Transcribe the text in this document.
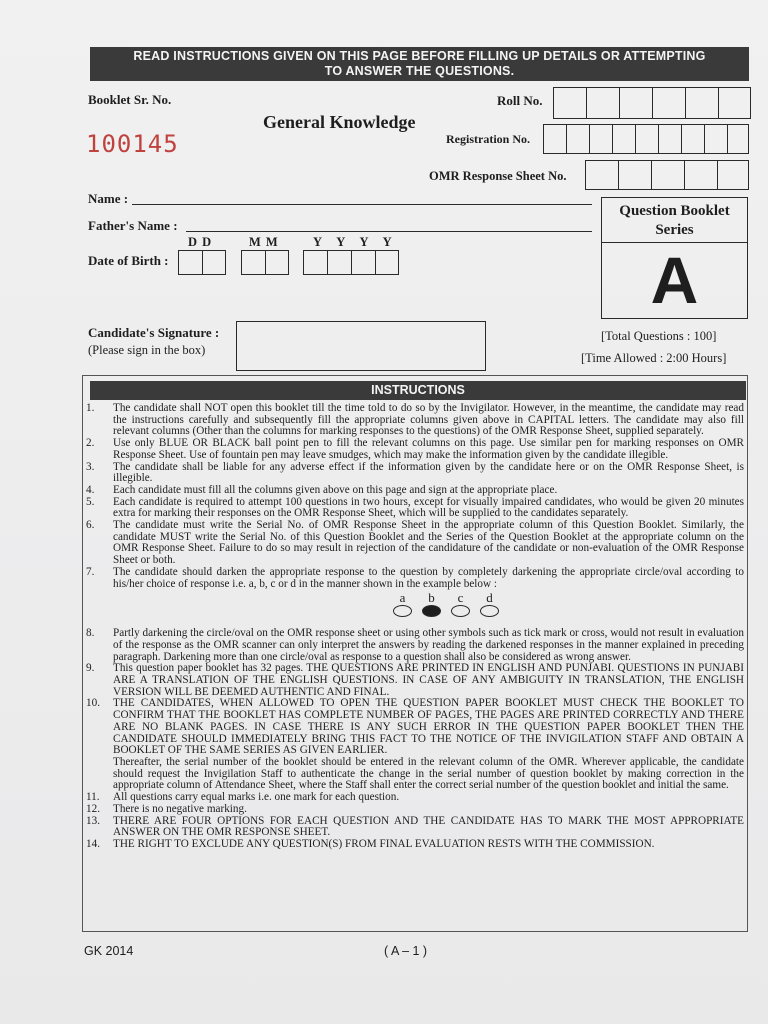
READ INSTRUCTIONS GIVEN ON THIS PAGE BEFORE FILLING UP DETAILS OR ATTEMPTING
TO ANSWER THE QUESTIONS.
Booklet Sr. No.
100145
General Knowledge
Roll No.
Registration No.
OMR Response Sheet No.
Name :
Father's Name :
D D	M M	Y Y Y Y
Date of Birth :
Question Booklet
Series
A
Candidate's Signature :
(Please sign in the box)
[Total Questions : 100]
[Time Allowed : 2:00 Hours]
INSTRUCTIONS
1.	The candidate shall NOT open this booklet till the time told to do so by the Invigilator. However, in the meantime, the candidate may read the instructions carefully and subsequently fill the appropriate columns given above in CAPITAL letters. The candidate may also fill relevant columns (Other than the columns for marking responses to the questions) of the OMR Response Sheet, supplied separately.
2.	Use only BLUE OR BLACK ball point pen to fill the relevant columns on this page. Use similar pen for marking responses on OMR Response Sheet. Use of fountain pen may leave smudges, which may make the information given by the candidate illegible.
3.	The candidate shall be liable for any adverse effect if the information given by the candidate here or on the OMR Response Sheet, is illegible.
4.	Each candidate must fill all the columns given above on this page and sign at the appropriate place.
5.	Each candidate is required to attempt 100 questions in two hours, except for visually impaired candidates, who would be given 20 minutes extra for marking their responses on the OMR Response Sheet, which will be supplied to the candidates separately.
6.	The candidate must write the Serial No. of OMR Response Sheet in the appropriate column of this Question Booklet. Similarly, the candidate MUST write the Serial No. of this Question Booklet and the Series of the Question Booklet at the appropriate column on the OMR Response Sheet. Failure to do so may result in rejection of the candidature of the candidate or non-evaluation of the OMR Response Sheet or both.
7.	The candidate should darken the appropriate response to the question by completely darkening the appropriate circle/oval according to his/her choice of response i.e. a, b, c or d in the manner shown in the example below :
a b c d
8.	Partly darkening the circle/oval on the OMR response sheet or using other symbols such as tick mark or cross, would not result in evaluation of the response as the OMR scanner can only interpret the answers by reading the darkened responses in the manner explained in preceding paragraph. Darkening more than one circle/oval as response to a question shall also be considered as wrong answer.
9.	This question paper booklet has 32 pages. THE QUESTIONS ARE PRINTED IN ENGLISH AND PUNJABI. QUESTIONS IN PUNJABI ARE A TRANSLATION OF THE ENGLISH QUESTIONS. IN CASE OF ANY AMBIGUITY IN TRANSLATION, THE ENGLISH VERSION WILL BE DEEMED AUTHENTIC AND FINAL.
10.	THE CANDIDATES, WHEN ALLOWED TO OPEN THE QUESTION PAPER BOOKLET MUST CHECK THE BOOKLET TO CONFIRM THAT THE BOOKLET HAS COMPLETE NUMBER OF PAGES, THE PAGES ARE PRINTED CORRECTLY AND THERE ARE NO BLANK PAGES. IN CASE THERE IS ANY SUCH ERROR IN THE QUESTION PAPER BOOKLET THEN THE CANDIDATE SHOULD IMMEDIATELY BRING THIS FACT TO THE NOTICE OF THE INVIGILATION STAFF AND OBTAIN A BOOKLET OF THE SAME SERIES AS GIVEN EARLIER.
Thereafter, the serial number of the booklet should be entered in the relevant column of the OMR. Wherever applicable, the candidate should request the Invigilation Staff to authenticate the change in the serial number of question booklet by making correction in the appropriate column of Attendance Sheet, where the Staff shall enter the correct serial number of the question booklet and initial the same.
11.	All questions carry equal marks i.e. one mark for each question.
12.	There is no negative marking.
13.	THERE ARE FOUR OPTIONS FOR EACH QUESTION AND THE CANDIDATE HAS TO MARK THE MOST APPROPRIATE ANSWER ON THE OMR RESPONSE SHEET.
14.	THE RIGHT TO EXCLUDE ANY QUESTION(S) FROM FINAL EVALUATION RESTS WITH THE COMMISSION.
GK 2014	( A – 1 )
